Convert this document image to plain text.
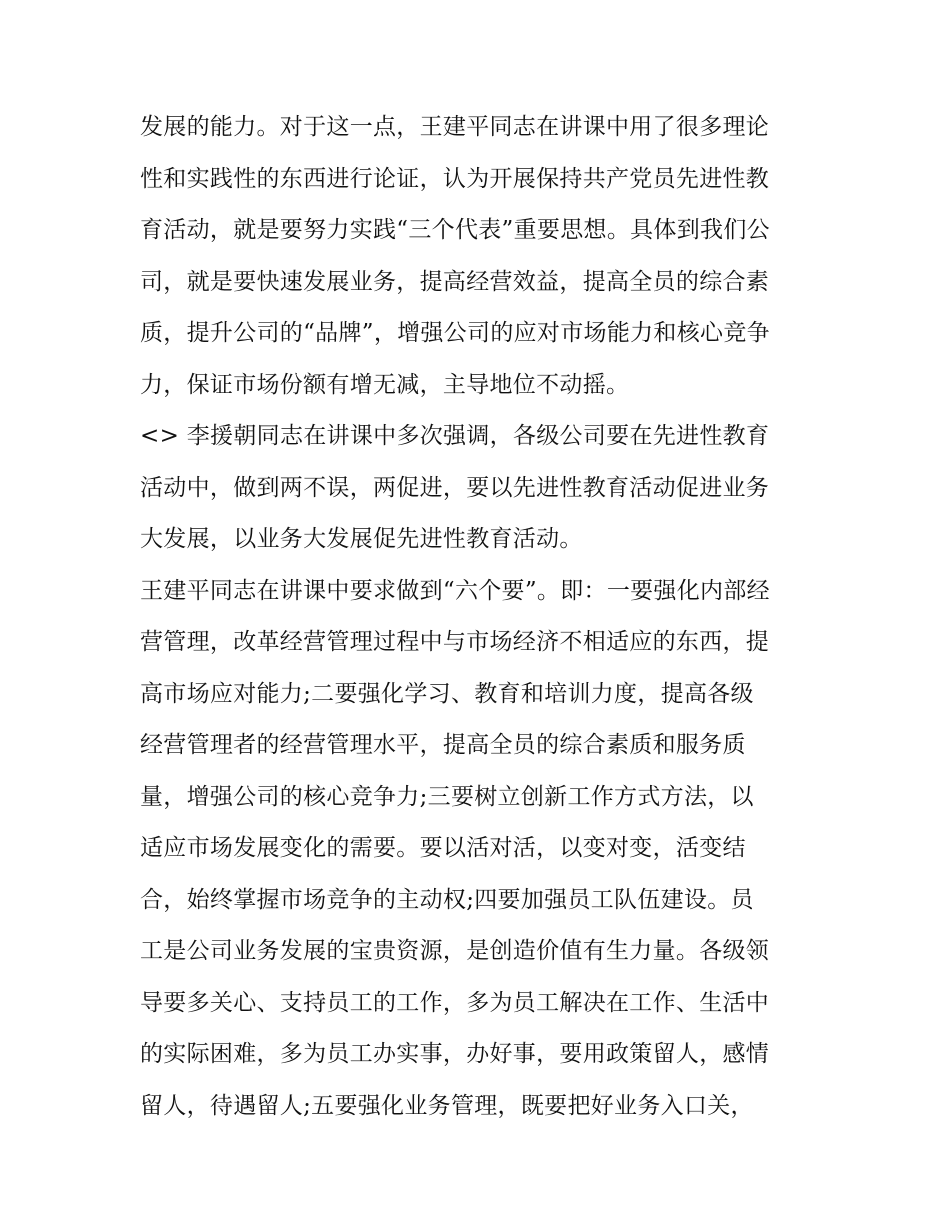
发展的能力。对于这一点，王建平同志在讲课中用了很多理论
性和实践性的东西进行论证，认为开展保持共产党员先进性教
育活动，就是要努力实践“三个代表”重要思想。具体到我们公
司，就是要快速发展业务，提高经营效益，提高全员的综合素
质，提升公司的“品牌”，增强公司的应对市场能力和核心竞争
力，保证市场份额有增无减，主导地位不动摇。
<> 李援朝同志在讲课中多次强调，各级公司要在先进性教育
活动中，做到两不误，两促进，要以先进性教育活动促进业务
大发展，以业务大发展促先进性教育活动。
王建平同志在讲课中要求做到“六个要”。即：一要强化内部经
营管理，改革经营管理过程中与市场经济不相适应的东西，提
高市场应对能力;二要强化学习、教育和培训力度，提高各级
经营管理者的经营管理水平，提高全员的综合素质和服务质
量，增强公司的核心竞争力;三要树立创新工作方式方法，以
适应市场发展变化的需要。要以活对活，以变对变，活变结
合，始终掌握市场竞争的主动权;四要加强员工队伍建设。员
工是公司业务发展的宝贵资源，是创造价值有生力量。各级领
导要多关心、支持员工的工作，多为员工解决在工作、生活中
的实际困难，多为员工办实事，办好事，要用政策留人，感情
留人，待遇留人;五要强化业务管理，既要把好业务入口关，
